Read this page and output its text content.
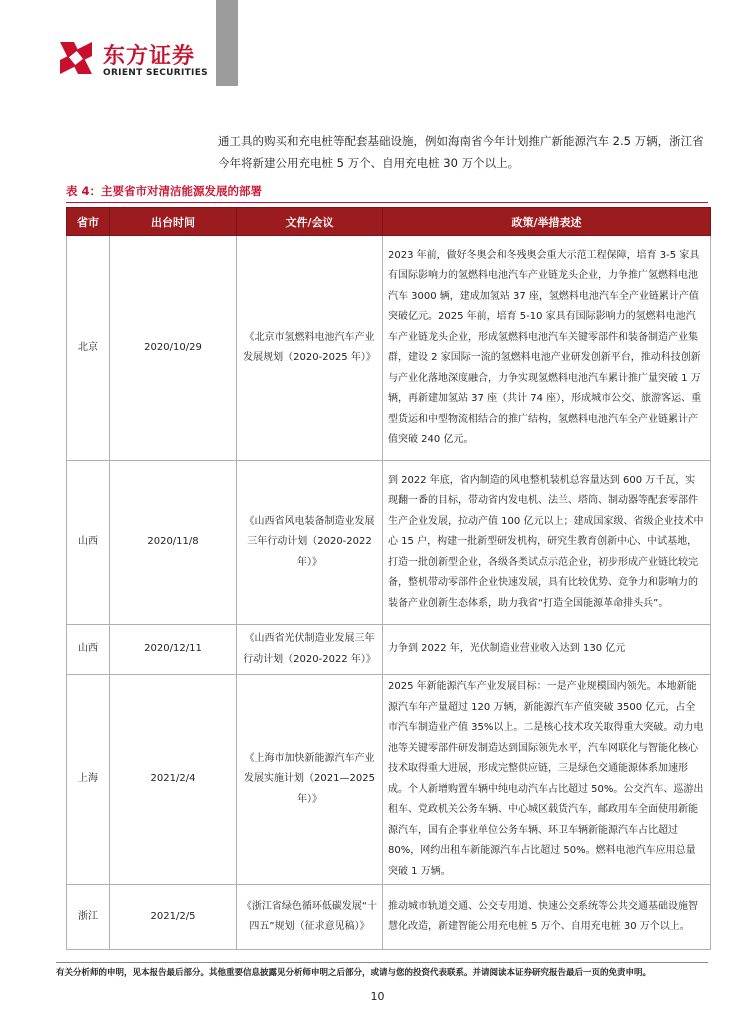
东方证券
ORIENT SECURITIES
通工具的购买和充电桩等配套基础设施，例如海南省今年计划推广新能源汽车 2.5 万辆，浙江省今年将新建公用充电桩 5 万个、自用充电桩 30 万个以上。
表 4：主要省市对清洁能源发展的部署
省市	出台时间	文件/会议	政策/举措表述
北京	2020/10/29	《北京市氢燃料电池汽车产业发展规划（2020-2025 年）》	2023 年前，做好冬奥会和冬残奥会重大示范工程保障，培育 3-5 家具有国际影响力的氢燃料电池汽车产业链龙头企业，力争推广氢燃料电池汽车 3000 辆，建成加氢站 37 座，氢燃料电池汽车全产业链累计产值突破亿元。2025 年前，培育 5-10 家具有国际影响力的氢燃料电池汽车产业链龙头企业，形成氢燃料电池汽车关键零部件和装备制造产业集群，建设 2 家国际一流的氢燃料电池产业研发创新平台，推动科技创新与产业化落地深度融合，力争实现氢燃料电池汽车累计推广量突破 1 万辆，再新建加氢站 37 座（共计 74 座），形成城市公交、旅游客运、重型货运和中型物流相结合的推广结构，氢燃料电池汽车全产业链累计产值突破 240 亿元。
山西	2020/11/8	《山西省风电装备制造业发展三年行动计划（2020-2022 年）》	到 2022 年底，省内制造的风电整机装机总容量达到 600 万千瓦，实现翻一番的目标，带动省内发电机、法兰、塔筒、制动器等配套零部件生产企业发展，拉动产值 100 亿元以上；建成国家级、省级企业技术中心 15 户，构建一批新型研发机构，研究生教育创新中心、中试基地，打造一批创新型企业，各级各类试点示范企业，初步形成产业链比较完备，整机带动零部件企业快速发展，具有比较优势、竞争力和影响力的装备产业创新生态体系，助力我省“打造全国能源革命排头兵”。
山西	2020/12/11	《山西省光伏制造业发展三年行动计划（2020-2022 年）》	力争到 2022 年，光伏制造业营业收入达到 130 亿元
上海	2021/2/4	《上海市加快新能源汽车产业发展实施计划（2021—2025 年）》	2025 年新能源汽车产业发展目标：一是产业规模国内领先。本地新能源汽车年产量超过 120 万辆，新能源汽车产值突破 3500 亿元，占全市汽车制造业产值 35%以上。二是核心技术攻关取得重大突破。动力电池等关键零部件研发制造达到国际领先水平，汽车网联化与智能化核心技术取得重大进展，形成完整供应链，三是绿色交通能源体系加速形成。个人新增购置车辆中纯电动汽车占比超过 50%。公交汽车、巡游出租车、党政机关公务车辆、中心城区载货汽车，邮政用车全面使用新能源汽车，国有企事业单位公务车辆、环卫车辆新能源汽车占比超过 80%，网约出租车新能源汽车占比超过 50%。燃料电池汽车应用总量突破 1 万辆。
浙江	2021/2/5	《浙江省绿色循环低碳发展“十四五”规划（征求意见稿）》	推动城市轨道交通、公交专用道、快速公交系统等公共交通基础设施智慧化改造，新建智能公用充电桩 5 万个、自用充电桩 30 万个以上。
有关分析师的申明，见本报告最后部分。其他重要信息披露见分析师申明之后部分，或请与您的投资代表联系。并请阅读本证券研究报告最后一页的免责申明。
10
